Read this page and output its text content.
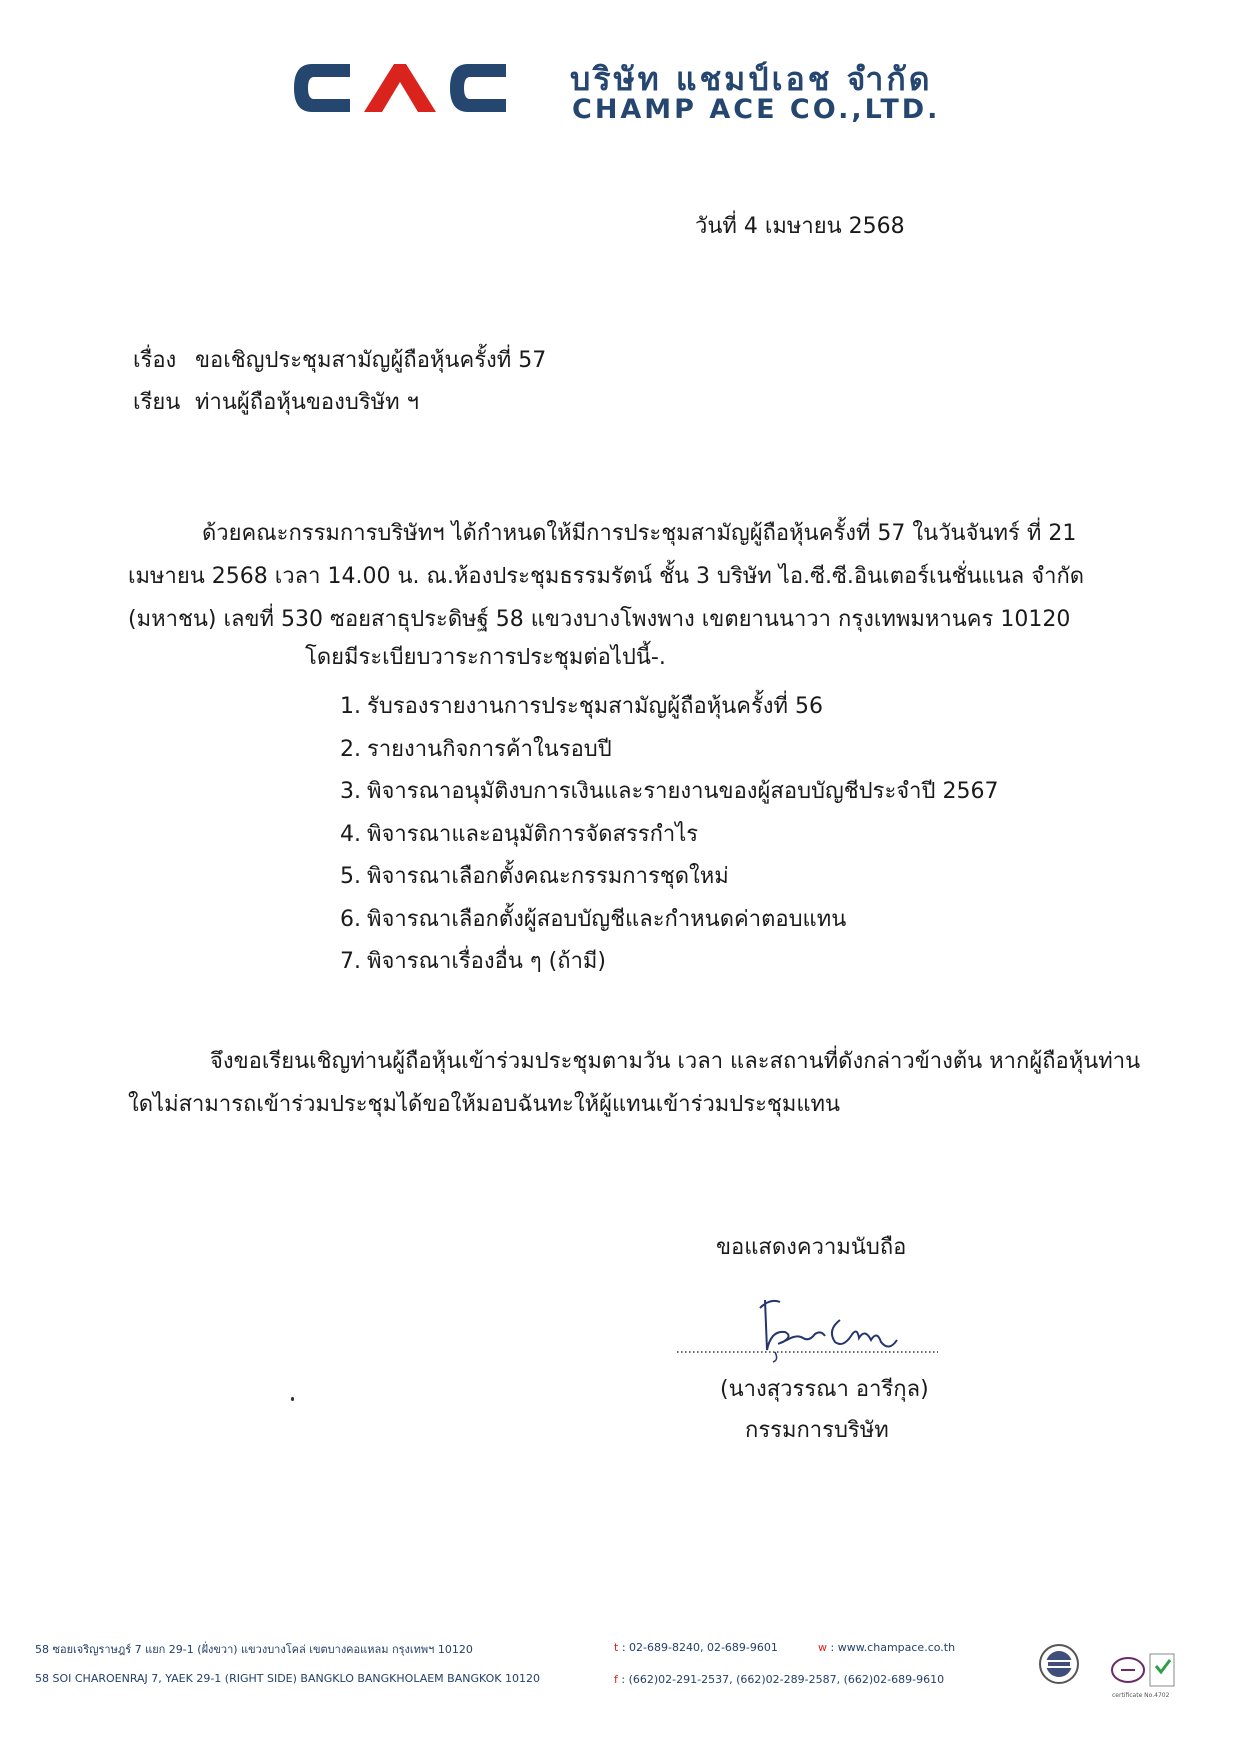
บริษัท แชมป์เอช จำกัด
CHAMP ACE CO.,LTD.
วันที่ 4 เมษายน 2568
เรื่อง ขอเชิญประชุมสามัญผู้ถือหุ้นครั้งที่ 57
เรียน ท่านผู้ถือหุ้นของบริษัท ฯ
ด้วยคณะกรรมการบริษัทฯ ได้กำหนดให้มีการประชุมสามัญผู้ถือหุ้นครั้งที่ 57 ในวันจันทร์ ที่ 21
เมษายน 2568 เวลา 14.00 น. ณ.ห้องประชุมธรรมรัตน์ ชั้น 3 บริษัท ไอ.ซี.ซี.อินเตอร์เนชั่นแนล จำกัด
(มหาชน) เลขที่ 530 ซอยสาธุประดิษฐ์ 58 แขวงบางโพงพาง เขตยานนาวา กรุงเทพมหานคร 10120
โดยมีระเบียบวาระการประชุมต่อไปนี้-.
1. รับรองรายงานการประชุมสามัญผู้ถือหุ้นครั้งที่ 56
2. รายงานกิจการค้าในรอบปี
3. พิจารณาอนุมัติงบการเงินและรายงานของผู้สอบบัญชีประจำปี 2567
4. พิจารณาและอนุมัติการจัดสรรกำไร
5. พิจารณาเลือกตั้งคณะกรรมการชุดใหม่
6. พิจารณาเลือกตั้งผู้สอบบัญชีและกำหนดค่าตอบแทน
7. พิจารณาเรื่องอื่น ๆ (ถ้ามี)
จึงขอเรียนเชิญท่านผู้ถือหุ้นเข้าร่วมประชุมตามวัน เวลา และสถานที่ดังกล่าวข้างต้น หากผู้ถือหุ้นท่าน
ใดไม่สามารถเข้าร่วมประชุมได้ขอให้มอบฉันทะให้ผู้แทนเข้าร่วมประชุมแทน
ขอแสดงความนับถือ
(นางสุวรรณา อารีกุล)
กรรมการบริษัท
58 ซอยเจริญราษฎร์ 7 แยก 29-1 (ฝั่งขวา) แขวงบางโคล่ เขตบางคอแหลม กรุงเทพฯ 10120
58 SOI CHAROENRAJ 7, YAEK 29-1 (RIGHT SIDE) BANGKLO BANGKHOLAEM BANGKOK 10120
t : 02-689-8240, 02-689-9601
f : (662)02-291-2537, (662)02-289-2587, (662)02-689-9610
w : www.champace.co.th
certificate No.4702
